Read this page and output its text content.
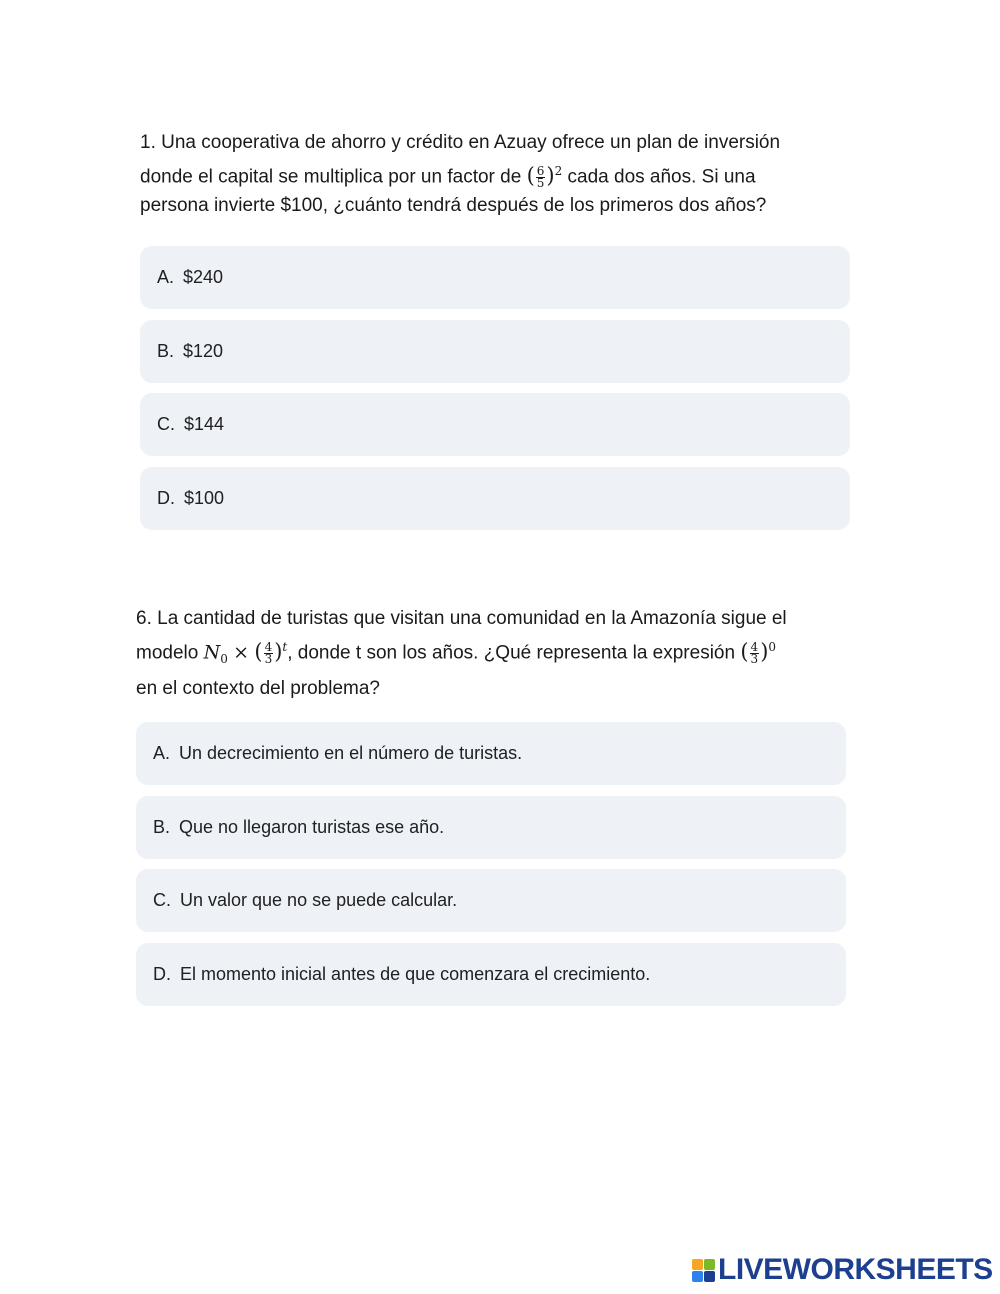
1. Una cooperativa de ahorro y crédito en Azuay ofrece un plan de inversión
donde el capital se multiplica por un factor de ( $\frac{6}{5} )^2$ cada dos años. Si una
persona invierte $100, ¿cuánto tendrá después de los primeros dos años?
A. $240
B. $120
C. $144
D. $100
6. La cantidad de turistas que visitan una comunidad en la Amazonía sigue el
modelo $N_0$ × ( $\frac{4}{3} )^t$, donde t son los años. ¿Qué representa la expresión ( $\frac{4}{3} )^0$
en el contexto del problema?
A. Un decrecimiento en el número de turistas.
B. Que no llegaron turistas ese año.
C. Un valor que no se puede calcular.
D. El momento inicial antes de que comenzara el crecimiento.
LIVEWORKSHEETS
